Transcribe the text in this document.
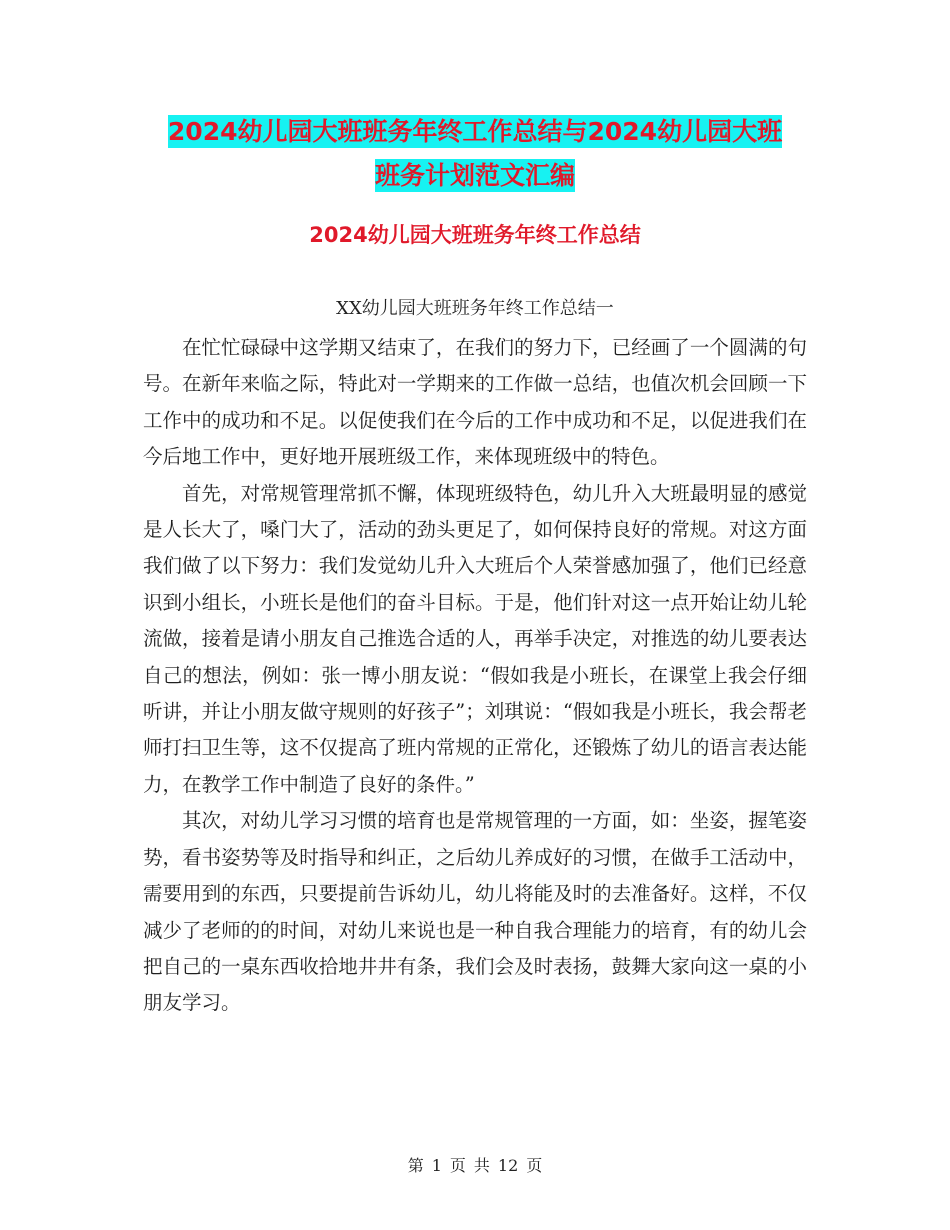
2024幼儿园大班班务年终工作总结与2024幼儿园大班
班务计划范文汇编
2024幼儿园大班班务年终工作总结
XX幼儿园大班班务年终工作总结一

在忙忙碌碌中这学期又结束了，在我们的努力下，已经画了一个圆满的句号。在新年来临之际，特此对一学期来的工作做一总结，也值次机会回顾一下工作中的成功和不足。以促使我们在今后的工作中成功和不足，以促进我们在今后地工作中，更好地开展班级工作，来体现班级中的特色。

首先，对常规管理常抓不懈，体现班级特色，幼儿升入大班最明显的感觉是人长大了，嗓门大了，活动的劲头更足了，如何保持良好的常规。对这方面我们做了以下努力：我们发觉幼儿升入大班后个人荣誉感加强了，他们已经意识到小组长，小班长是他们的奋斗目标。于是，他们针对这一点开始让幼儿轮流做，接着是请小朋友自己推选合适的人，再举手决定，对推选的幼儿要表达自己的想法，例如：张一博小朋友说：“假如我是小班长，在课堂上我会仔细听讲，并让小朋友做守规则的好孩子”；刘琪说：“假如我是小班长，我会帮老师打扫卫生等，这不仅提高了班内常规的正常化，还锻炼了幼儿的语言表达能力，在教学工作中制造了良好的条件。”

其次，对幼儿学习习惯的培育也是常规管理的一方面，如：坐姿，握笔姿势，看书姿势等及时指导和纠正，之后幼儿养成好的习惯，在做手工活动中，需要用到的东西，只要提前告诉幼儿，幼儿将能及时的去准备好。这样，不仅减少了老师的的时间，对幼儿来说也是一种自我合理能力的培育，有的幼儿会把自己的一桌东西收拾地井井有条，我们会及时表扬，鼓舞大家向这一桌的小朋友学习。

第 1 页 共 12 页
